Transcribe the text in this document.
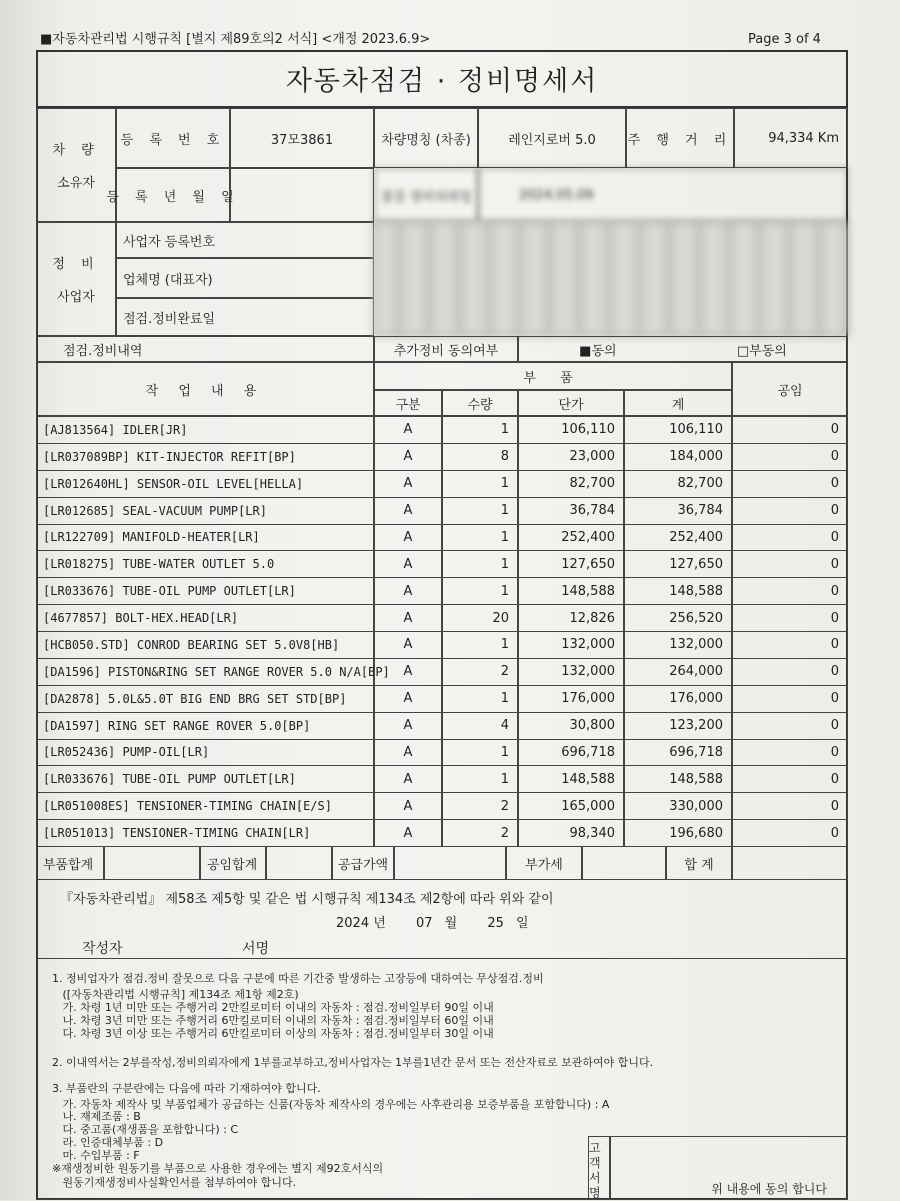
■자동차관리법 시행규칙 [별지 제89호의2 서식] <개정 2023.6.9>	Page 3 of 4
자동차점검 · 정비명세서
차 량
소유자
등 록 번 호	37모3861	차량명칭 (차종)	레인지로버 5.0	주 행 거 리	94,334 Km
등 록 년 월 일	점검 정비의뢰일	2024.05.09
정 비
사업자
사업자 등록번호
업체명 (대표자)
점검.정비완료일
점검.정비내역	추가정비 동의여부	■동의	□부동의
작 업 내 용
부 품
공임
구분	수량	단가	계
[AJ813564] IDLER[JR]	A	1	106,110	106,110	0
[LR037089BP] KIT-INJECTOR REFIT[BP]	A	8	23,000	184,000	0
[LR012640HL] SENSOR-OIL LEVEL[HELLA]	A	1	82,700	82,700	0
[LR012685] SEAL-VACUUM PUMP[LR]	A	1	36,784	36,784	0
[LR122709] MANIFOLD-HEATER[LR]	A	1	252,400	252,400	0
[LR018275] TUBE-WATER OUTLET 5.0	A	1	127,650	127,650	0
[LR033676] TUBE-OIL PUMP OUTLET[LR]	A	1	148,588	148,588	0
[4677857] BOLT-HEX.HEAD[LR]	A	20	12,826	256,520	0
[HCB050.STD] CONROD BEARING SET 5.0V8[HB]	A	1	132,000	132,000	0
[DA1596] PISTON&RING SET RANGE ROVER 5.0 N/A[BP]	A	2	132,000	264,000	0
[DA2878] 5.0L&5.0T BIG END BRG SET STD[BP]	A	1	176,000	176,000	0
[DA1597] RING SET RANGE ROVER 5.0[BP]	A	4	30,800	123,200	0
[LR052436] PUMP-OIL[LR]	A	1	696,718	696,718	0
[LR033676] TUBE-OIL PUMP OUTLET[LR]	A	1	148,588	148,588	0
[LR051008ES] TENSIONER-TIMING CHAIN[E/S]	A	2	165,000	330,000	0
[LR051013] TENSIONER-TIMING CHAIN[LR]	A	2	98,340	196,680	0
부품합계	공임합계	공급가액	부가세	합 계
『자동차관리법』 제58조 제5항 및 같은 법 시행규칙 제134조 제2항에 따라 위와 같이
2024 년 07 월 25 일
작성자	서명
1. 정비업자가 점검.정비 잘못으로 다음 구분에 따른 기간중 발생하는 고장등에 대하여는 무상점검.정비
([자동차관리법 시행규칙] 제134조 제1항 제2호)
가. 차령 1년 미만 또는 주행거리 2만킬로미터 이내의 자동차 : 점검.정비일부터 90일 이내
나. 차령 3년 미만 또는 주행거리 6만킬로미터 이내의 자동차 : 점검.정비일부터 60일 이내
다. 차령 3년 이상 또는 주행거리 6만킬로미터 이상의 자동차 : 점검.정비일부터 30일 이내
2. 이내역서는 2부를작성,정비의뢰자에게 1부를교부하고,정비사업자는 1부를1년간 문서 또는 전산자료로 보관하여야 합니다.
3. 부품란의 구분란에는 다음에 따라 기재하여야 합니다.
가. 자동차 제작사 및 부품업체가 공급하는 신품(자동차 제작사의 경우에는 사후관리용 보증부품을 포함합니다) : A
나. 재제조품 : B
다. 중고품(재생품을 포함합니다) : C
라. 인증대체부품 : D
마. 수입부품 : F
※재생정비한 원동기를 부품으로 사용한 경우에는 별지 제92호서식의
원동기재생정비사실확인서를 첨부하여야 합니다.
고객서명	위 내용에 동의 합니다
